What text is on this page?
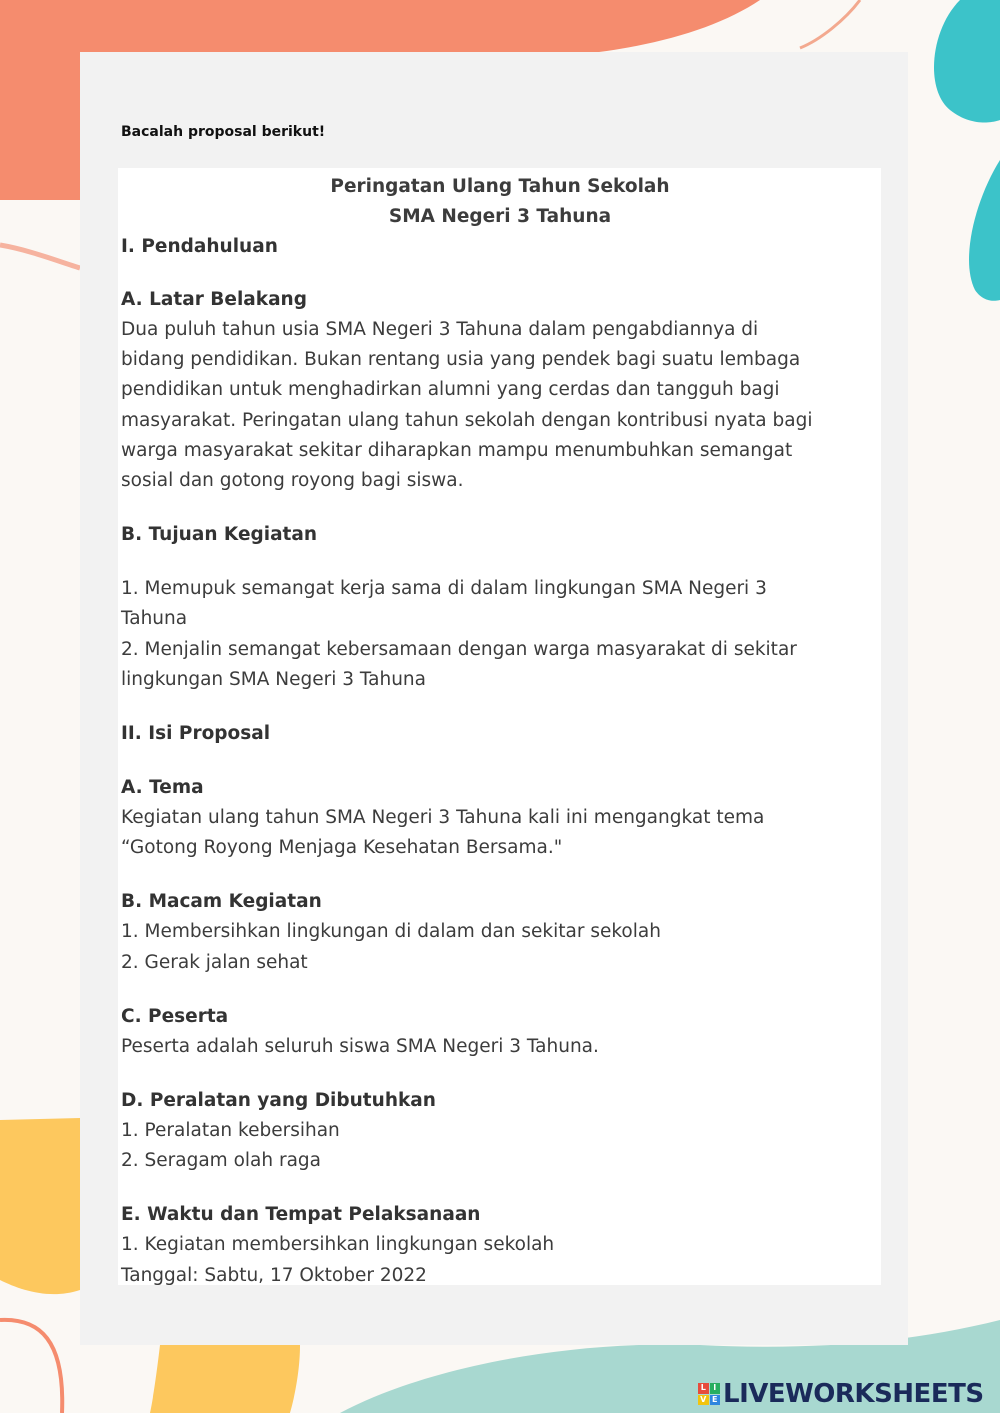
Bacalah proposal berikut!
Peringatan Ulang Tahun Sekolah
SMA Negeri 3 Tahuna
I. Pendahuluan
A. Latar Belakang
Dua puluh tahun usia SMA Negeri 3 Tahuna dalam pengabdiannya di
bidang pendidikan. Bukan rentang usia yang pendek bagi suatu lembaga
pendidikan untuk menghadirkan alumni yang cerdas dan tangguh bagi
masyarakat. Peringatan ulang tahun sekolah dengan kontribusi nyata bagi
warga masyarakat sekitar diharapkan mampu menumbuhkan semangat
sosial dan gotong royong bagi siswa.
B. Tujuan Kegiatan
1. Memupuk semangat kerja sama di dalam lingkungan SMA Negeri 3
Tahuna
2. Menjalin semangat kebersamaan dengan warga masyarakat di sekitar
lingkungan SMA Negeri 3 Tahuna
II. Isi Proposal
A. Tema
Kegiatan ulang tahun SMA Negeri 3 Tahuna kali ini mengangkat tema
“Gotong Royong Menjaga Kesehatan Bersama."
B. Macam Kegiatan
1. Membersihkan lingkungan di dalam dan sekitar sekolah
2. Gerak jalan sehat
C. Peserta
Peserta adalah seluruh siswa SMA Negeri 3 Tahuna.
D. Peralatan yang Dibutuhkan
1. Peralatan kebersihan
2. Seragam olah raga
E. Waktu dan Tempat Pelaksanaan
1. Kegiatan membersihkan lingkungan sekolah
Tanggal: Sabtu, 17 Oktober 2022
L I
V E LIVEWORKSHEETS
